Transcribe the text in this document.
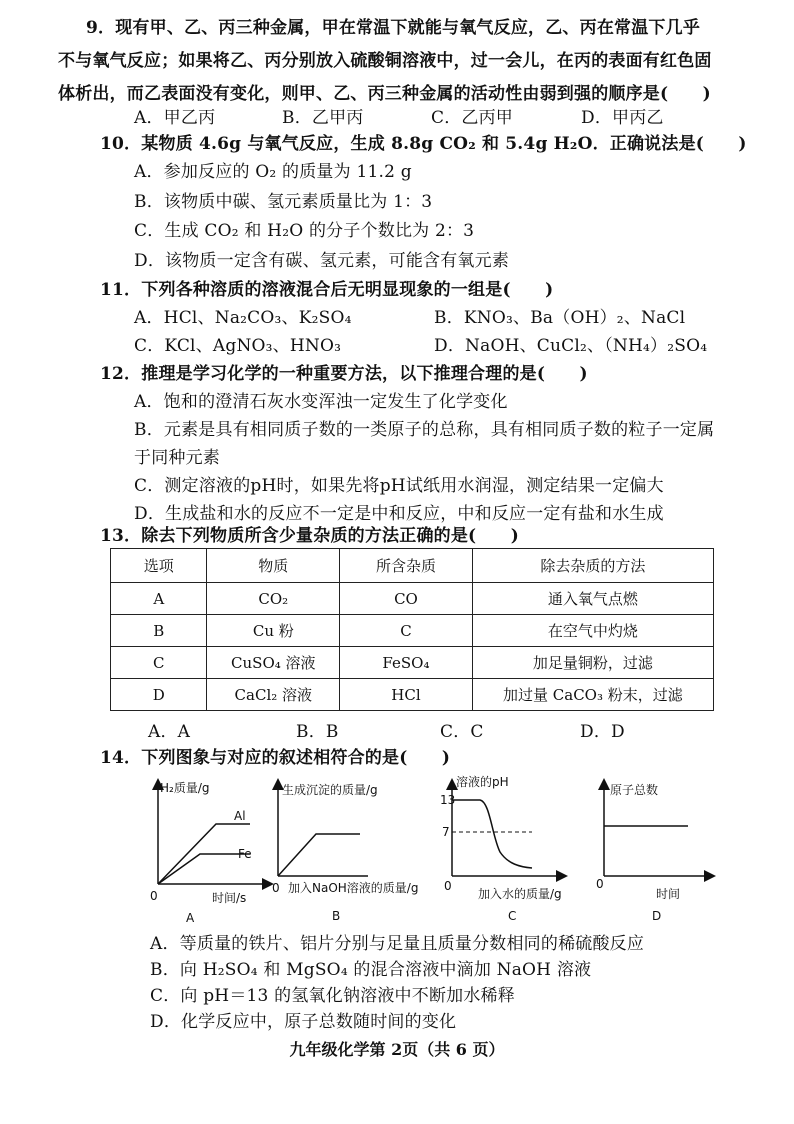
9．现有甲、乙、丙三种金属，甲在常温下就能与氧气反应，乙、丙在常温下几乎
不与氧气反应；如果将乙、丙分别放入硫酸铜溶液中，过一会儿，在丙的表面有红色固
体析出，而乙表面没有变化，则甲、乙、丙三种金属的活动性由弱到强的顺序是(　　)
A．甲乙丙	B．乙甲丙	C．乙丙甲	D．甲丙乙
10．某物质 4.6g 与氧气反应，生成 8.8g CO₂ 和 5.4g H₂O．正确说法是(　　)
A．参加反应的 O₂ 的质量为 11.2 g
B．该物质中碳、氢元素质量比为 1：3
C．生成 CO₂ 和 H₂O 的分子个数比为 2：3
D．该物质一定含有碳、氢元素，可能含有氧元素
11．下列各种溶质的溶液混合后无明显现象的一组是(　　)
A．HCl、Na₂CO₃、K₂SO₄	B．KNO₃、Ba（OH）₂、NaCl
C．KCl、AgNO₃、HNO₃	D．NaOH、CuCl₂、（NH₄）₂SO₄
12．推理是学习化学的一种重要方法，以下推理合理的是(　　)
A．饱和的澄清石灰水变浑浊一定发生了化学变化
B．元素是具有相同质子数的一类原子的总称，具有相同质子数的粒子一定属
于同种元素
C．测定溶液的pH时，如果先将pH试纸用水润湿，测定结果一定偏大
D．生成盐和水的反应不一定是中和反应，中和反应一定有盐和水生成
13．除去下列物质所含少量杂质的方法正确的是(　　)
选项	物质	所含杂质	除去杂质的方法
A	CO₂	CO	通入氧气点燃
B	Cu 粉	C	在空气中灼烧
C	CuSO₄ 溶液	FeSO₄	加足量铜粉，过滤
D	CaCl₂ 溶液	HCl	加过量 CaCO₃ 粉末，过滤
A．A	B．B	C．C	D．D
14．下列图象与对应的叙述相符合的是(　　)
H₂质量/g
Al
Fe
0	时间/s
A
生成沉淀的质量/g
0 加入NaOH溶液的质量/g
B
13
7
溶液的pH
0
加入水的质量/g
C
原子总数
0
时间
D
A．等质量的铁片、铝片分别与足量且质量分数相同的稀硫酸反应
B．向 H₂SO₄ 和 MgSO₄ 的混合溶液中滴加 NaOH 溶液
C．向 pH＝13 的氢氧化钠溶液中不断加水稀释
D．化学反应中，原子总数随时间的变化
九年级化学第 2页（共 6 页）
